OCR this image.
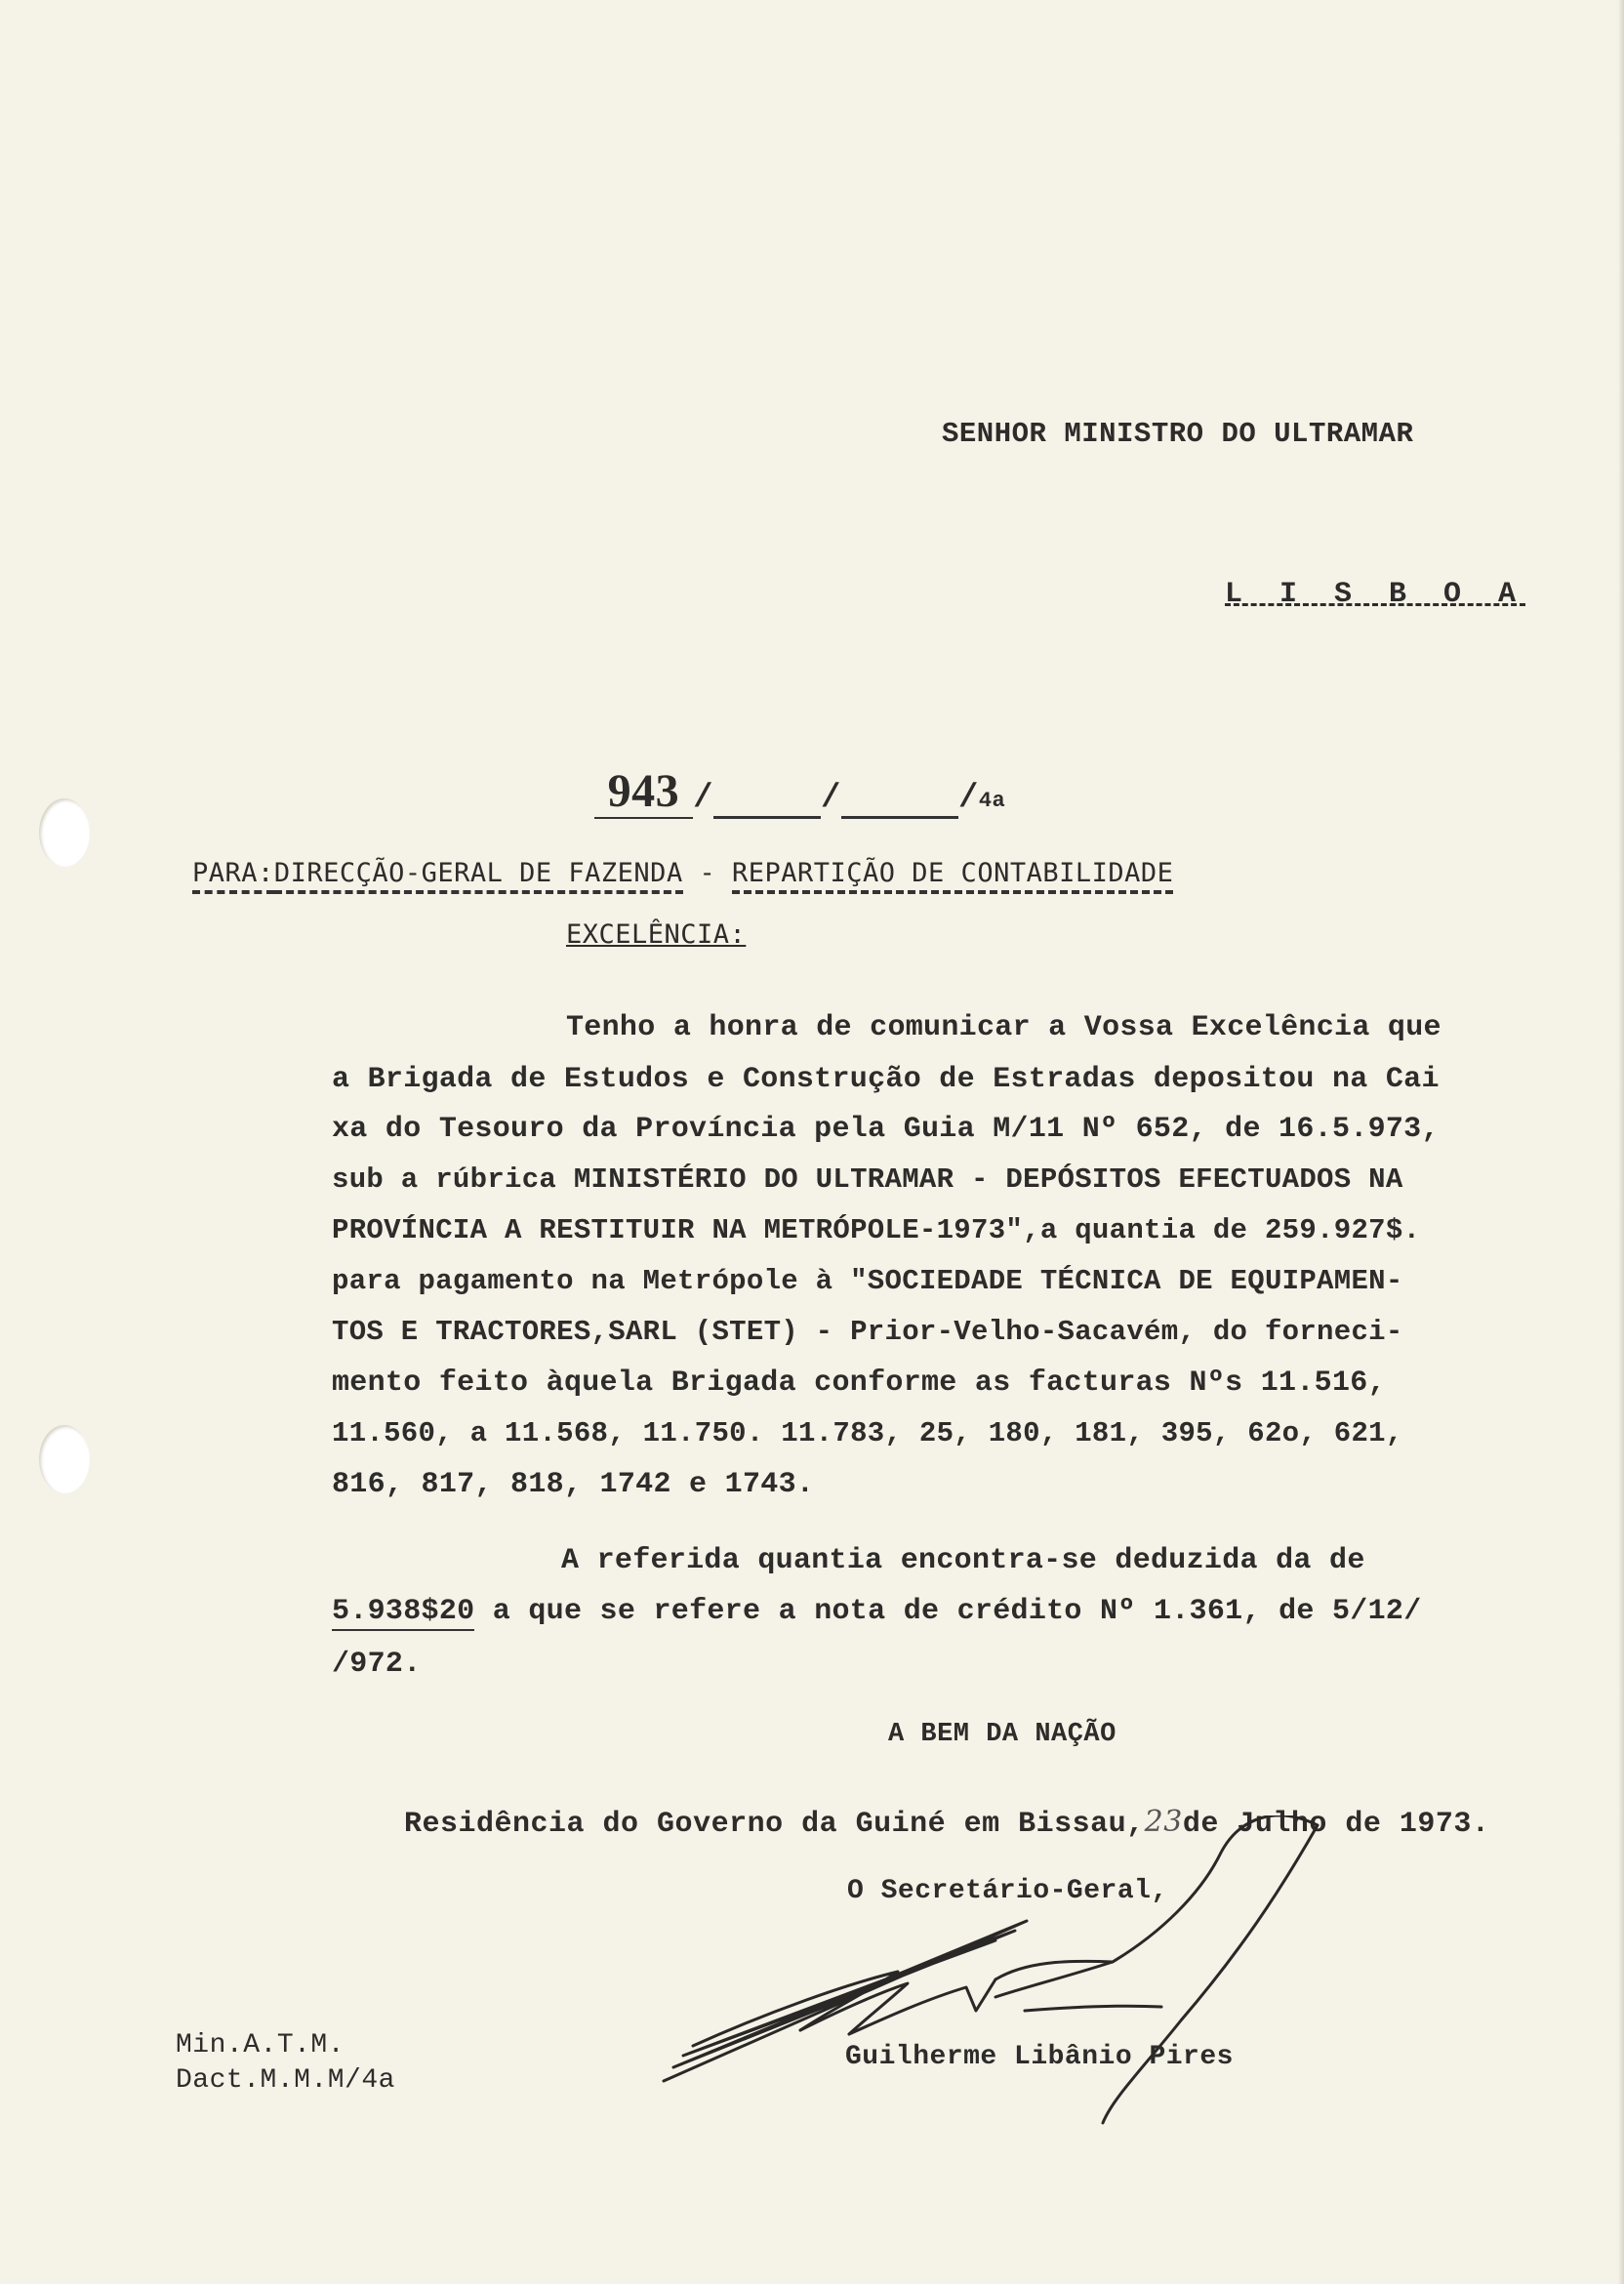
SENHOR MINISTRO DO ULTRAMAR
L I S B O A

943 /	/	/4a

PARA:DIRECÇÃO-GERAL DE FAZENDA - REPARTIÇÃO DE CONTABILIDADE

EXCELÊNCIA:
Tenho a honra de comunicar a Vossa Excelência que
a Brigada de Estudos e Construção de Estradas depositou na Cai
xa do Tesouro da Província pela Guia M/11 Nº 652, de 16.5.973,
sub a rúbrica MINISTÉRIO DO ULTRAMAR - DEPÓSITOS EFECTUADOS NA
PROVÍNCIA A RESTITUIR NA METRÓPOLE-1973",a quantia de 259.927$.
para pagamento na Metrópole à "SOCIEDADE TÉCNICA DE EQUIPAMEN-
TOS E TRACTORES,SARL (STET) - Prior-Velho-Sacavém, do forneci-
mento feito àquela Brigada conforme as facturas Nºs 11.516,
11.560, a 11.568, 11.750. 11.783, 25, 180, 181, 395, 62o, 621,
816, 817, 818, 1742 e 1743.
A referida quantia encontra-se deduzida da de
5.938$20 a que se refere a nota de crédito Nº 1.361, de 5/12/
/972.
A BEM DA NAÇÃO

Residência do Governo da Guiné em Bissau,23de Julho de 1973.

O Secretário-Geral,
Guilherme Libânio Pires
Min.A.T.M.
Dact.M.M.M/4a
